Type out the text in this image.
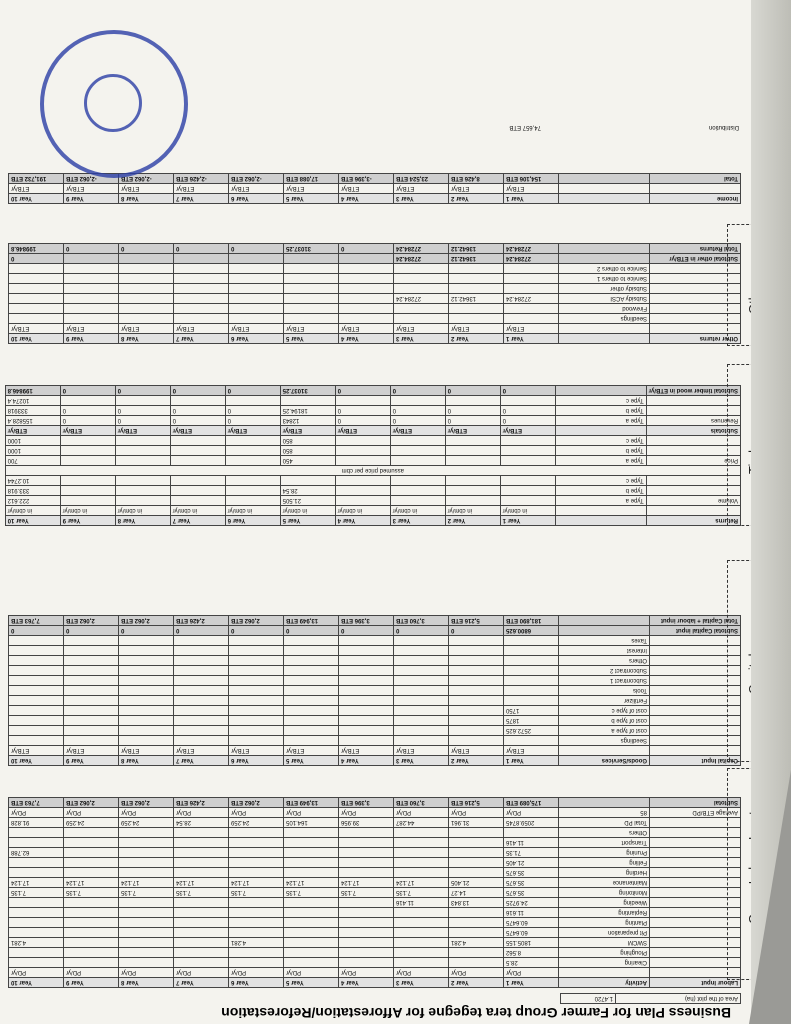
Business Plan for Farmer Group tera tegegne for Afforestation/Reforestation
Area of the plot (ha)	1.4720
Labour Input	Activity	Year 1	Year 2	Year 3	Year 4	Year 5	Year 6	Year 7	Year 8	Year 9	Year 10
		PD/yr	PD/yr	PD/yr	PD/yr	PD/yr	PD/yr	PD/yr	PD/yr	PD/yr	PD/yr
	Clearing	28.5									
	Ploughing	8.562									
	SWCM	1805.155	4.281				4.281				4.281
	Pit preparation	60.6475									
	Planting	60.6475									
	Replanting	11.616									
	Weeding	24.9725	13.843	11.416							
	Monitoring	35.675	14.27	7.135	7.135	7.135	7.135	7.135	7.135	7.135	7.135
	Maintenance	35.675	21.405	17.124	17.124	17.124	17.124	17.124	17.124	17.124	17.124
	Herding	35.675									
	Felling	21.405									
	Pruning	71.35									62.788
	Transport	11.416									
	Others										
	Total PD	2059.8745	31.961	44.287	39.956	164.105	24.259	28.54	24.259	24.259	91.828
Average ETB/PD	85	PD/yr	PD/yr	PD/yr	PD/yr	PD/yr	PD/yr	PD/yr	PD/yr	PD/yr	PD/yr
Subtotal		175,089 ETB	5,216 ETB	3,760 ETB	3,396 ETB	13,949 ETB	2,062 ETB	2,426 ETB	2,062 ETB	2,062 ETB	7,763 ETB
Capital Input	Goods/Services	Year 1	Year 2	Year 3	Year 4	Year 5	Year 6	Year 7	Year 8	Year 9	Year 10
		ETB/yr	ETB/yr	ETB/yr	ETB/yr	ETB/yr	ETB/yr	ETB/yr	ETB/yr	ETB/yr	ETB/yr
	Seedlings										
	cost of type a	2572.625									
	cost of type b	1875									
	cost of type c	1750									
	Fertilizer										
	Tools										
	Subcontract 1										
	Subcontract 2										
	Others										
	Interest										
	Taxes										
Subtotal Capital input		6800.625	0	0	0	0	0	0	0	0	0
Total Capital + labour input		181,890 ETB	5,216 ETB	3,760 ETB	3,396 ETB	13,949 ETB	2,062 ETB	2,426 ETB	2,062 ETB	2,062 ETB	7,763 ETB
Returns		Year 1	Year 2	Year 3	Year 4	Year 5	Year 6	Year 7	Year 8	Year 9	Year 10
		in cbm/yr	in cbm/yr	in cbm/yr	in cbm/yr	in cbm/yr	in cbm/yr	in cbm/yr	in cbm/yr	in cbm/yr	in cbm/yr
Volume	Type a					21.505					222.612
	Type b					28.54					333.918
	Type c										10.2744
assumed price per cbm											
Price	Type a					450					700
	Type b					850					1000
	Type c					850					1000
Subtotals		ETB/yr	ETB/yr	ETB/yr	ETB/yr	ETB/yr	ETB/yr	ETB/yr	ETB/yr	ETB/yr	ETB/yr
Revenues	Type a	0	0	0	0	12843	0	0	0	0	155828.4
	Type b	0	0	0	0	18194.25	0	0	0	0	333918
	Type c										10274.4
Subtotal timber wood in ETB/yr		0	0	0	0	31037.25	0	0	0	0	199846.8
Other returns		Year 1	Year 2	Year 3	Year 4	Year 5	Year 6	Year 7	Year 8	Year 9	Year 10
		ETB/yr	ETB/yr	ETB/yr	ETB/yr	ETB/yr	ETB/yr	ETB/yr	ETB/yr	ETB/yr	ETB/yr
	Seedlings										
	Firewood										
	Subsidy ACSI	27284.24	13642.12	27284.24							
	Subsidy other										
	Service to others 1										
	Service to others 2										
Subtotal other in ETB/yr		27284.24	13642.12	27284.24							0
Total Returns		27284.24	13642.12	27284.24	0	31037.25	0	0	0	0	199846.8
Income		Year 1	Year 2	Year 3	Year 4	Year 5	Year 6	Year 7	Year 8	Year 9	Year 10
		ETB/yr	ETB/yr	ETB/yr	ETB/yr	ETB/yr	ETB/yr	ETB/yr	ETB/yr	ETB/yr	ETB/yr
Total		154,106 ETB	8,426 ETB	23,524 ETB	-3,396 ETB	17,088 ETB	-2,062 ETB	-2,426 ETB	-2,062 ETB	-2,062 ETB	191,732 ETB
Distribution
74,657 ETB
